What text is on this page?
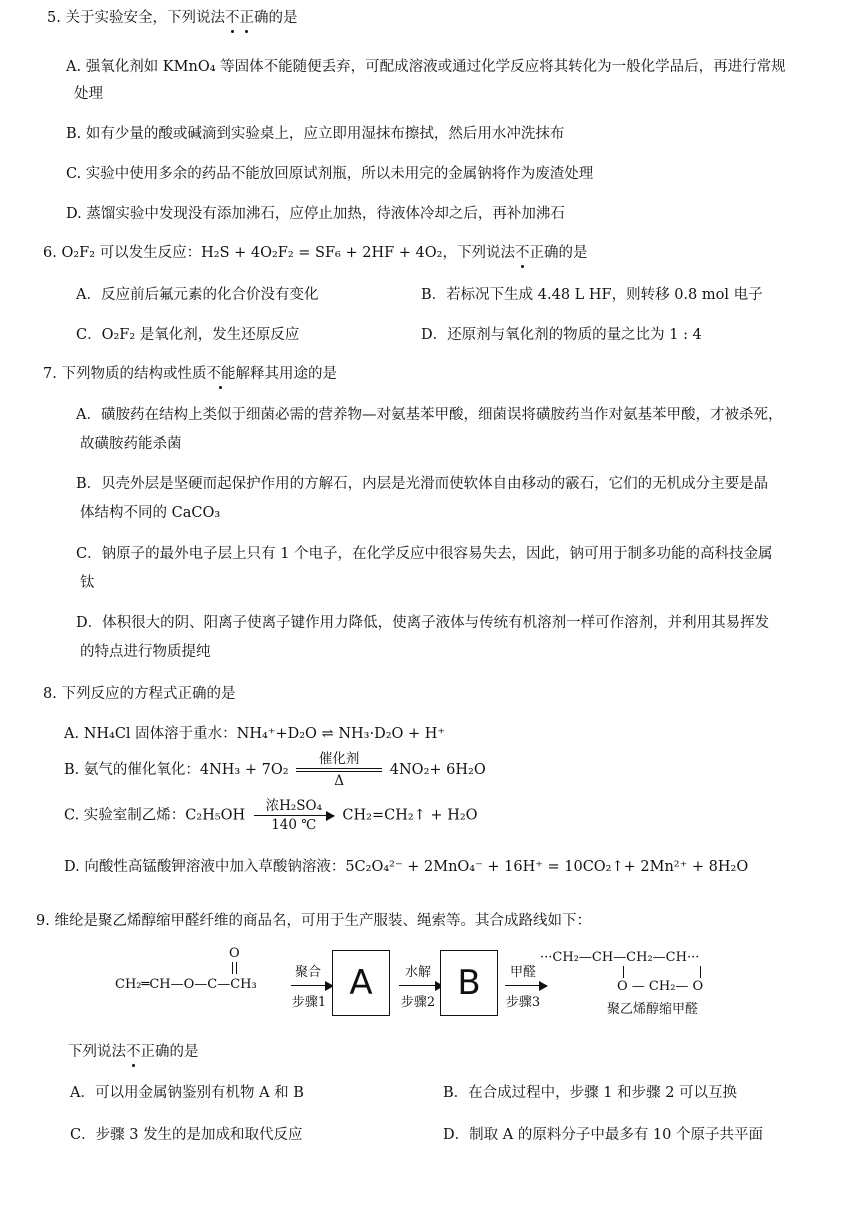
5. 关于实验安全，下列说法不正确的是
A. 强氧化剂如 KMnO₄ 等固体不能随便丢弃，可配成溶液或通过化学反应将其转化为一般化学品后，再进行常规
处理
B. 如有少量的酸或碱滴到实验桌上，应立即用湿抹布擦拭，然后用水冲洗抹布
C. 实验中使用多余的药品不能放回原试剂瓶，所以未用完的金属钠将作为废渣处理
D. 蒸馏实验中发现没有添加沸石，应停止加热，待液体冷却之后，再补加沸石
6. O₂F₂ 可以发生反应：H₂S + 4O₂F₂ = SF₆ + 2HF + 4O₂，下列说法不正确的是
A．反应前后氟元素的化合价没有变化	B．若标况下生成 4.48 L HF，则转移 0.8 mol 电子
C．O₂F₂ 是氧化剂，发生还原反应	D．还原剂与氧化剂的物质的量之比为 1 : 4
7. 下列物质的结构或性质不能解释其用途的是
A．磺胺药在结构上类似于细菌必需的营养物—对氨基苯甲酸，细菌误将磺胺药当作对氨基苯甲酸，才被杀死，
故磺胺药能杀菌
B．贝壳外层是坚硬而起保护作用的方解石，内层是光滑而使软体自由移动的霰石，它们的无机成分主要是晶
体结构不同的 CaCO₃
C．钠原子的最外电子层上只有 1 个电子，在化学反应中很容易失去，因此，钠可用于制多功能的高科技金属
钛
D．体积很大的阴、阳离子使离子键作用力降低，使离子液体与传统有机溶剂一样可作溶剂，并利用其易挥发
的特点进行物质提纯
8. 下列反应的方程式正确的是
A. NH₄Cl 固体溶于重水：NH₄⁺+D₂O ⇌ NH₃·D₂O + H⁺
B. 氨气的催化氧化：4NH₃ + 7O₂
催化剂
Δ
4NO₂+ 6H₂O
C. 实验室制乙烯：C₂H₅OH
浓H₂SO₄
140 ℃
CH₂=CH₂↑ + H₂O
D. 向酸性高锰酸钾溶液中加入草酸钠溶液：5C₂O₄²⁻ + 2MnO₄⁻ + 16H⁺ = 10CO₂↑+ 2Mn²⁺ + 8H₂O
9. 维纶是聚乙烯醇缩甲醛纤维的商品名，可用于生产服装、绳索等。其合成路线如下：
O
CH₂═CH—O—C—CH₃
聚合
步骤1 A	水解
步骤2 B	甲醛
步骤3
···CH₂—CH—CH₂—CH···
O — CH₂— O
聚乙烯醇缩甲醛
下列说法不正确的是
A．可以用金属钠鉴别有机物 A 和 B	B．在合成过程中，步骤 1 和步骤 2 可以互换
C．步骤 3 发生的是加成和取代反应	D．制取 A 的原料分子中最多有 10 个原子共平面
